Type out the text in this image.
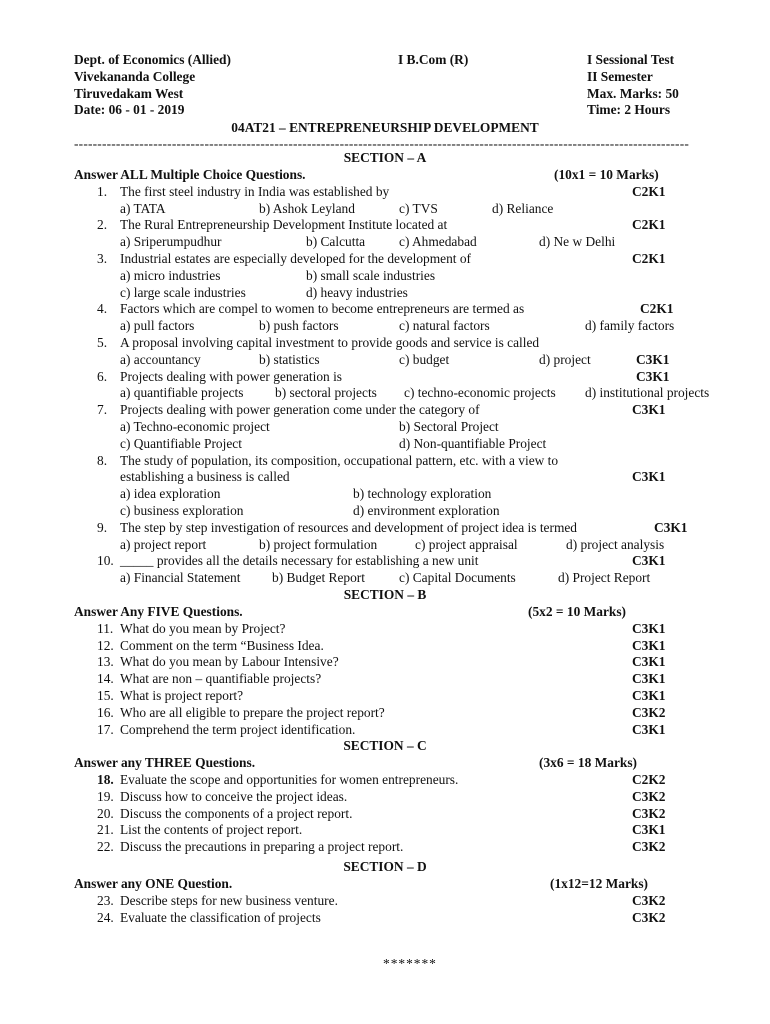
Dept. of Economics (Allied)
Vivekananda College
Tiruvedakam West
Date: 06 - 01 - 2019
I B.Com (R)	I Sessional Test
II Semester
Max. Marks: 50
Time: 2 Hours
04AT21 – ENTREPRENEURSHIP DEVELOPMENT
------------------------------------------------------------------------------------------------------------------------------------
SECTION – A
Answer ALL Multiple Choice Questions.	(10x1 = 10 Marks)
1. The first steel industry in India was established by	C2K1
a) TATA	b) Ashok Leyland	c) TVS	d) Reliance
2. The Rural Entrepreneurship Development Institute located at	C2K1
a) Sriperumpudhur	b) Calcutta	c) Ahmedabad	d) Ne w Delhi
3. Industrial estates are especially developed for the development of	C2K1
a) micro industries	b) small scale industries
c) large scale industries	d) heavy industries
4. Factors which are compel to women to become entrepreneurs are termed as	C2K1
a) pull factors	b) push factors	c) natural factors	d) family factors
5. A proposal involving capital investment to provide goods and service is called
a) accountancy	b) statistics	c) budget	d) project	C3K1
6. Projects dealing with power generation is	C3K1
a) quantifiable projects b) sectoral projects c) techno-economic projects d) institutional projects
7. Projects dealing with power generation come under the category of	C3K1
a) Techno-economic project	b) Sectoral Project
c) Quantifiable Project	d) Non-quantifiable Project
8. The study of population, its composition, occupational pattern, etc. with a view to
establishing a business is called	C3K1
a) idea exploration	b) technology exploration
c) business exploration	d) environment exploration
9. The step by step investigation of resources and development of project idea is termed	C3K1
a) project report	b) project formulation	c) project appraisal	d) project analysis
10. _____ provides all the details necessary for establishing a new unit	C3K1
a) Financial Statement b) Budget Report	c) Capital Documents	d) Project Report
SECTION – B
Answer Any FIVE Questions.	(5x2 = 10 Marks)
11. What do you mean by Project?	C3K1
12. Comment on the term “Business Idea.	C3K1
13. What do you mean by Labour Intensive?	C3K1
14. What are non – quantifiable projects?	C3K1
15. What is project report?	C3K1
16. Who are all eligible to prepare the project report?	C3K2
17. Comprehend the term project identification.	C3K1
SECTION – C
Answer any THREE Questions.	(3x6 = 18 Marks)
18. Evaluate the scope and opportunities for women entrepreneurs.	C2K2
19. Discuss how to conceive the project ideas.	C3K2
20. Discuss the components of a project report.	C3K2
21. List the contents of project report.	C3K1
22. Discuss the precautions in preparing a project report.	C3K2
SECTION – D
Answer any ONE Question.	(1x12=12 Marks)
23. Describe steps for new business venture.	C3K2
24. Evaluate the classification of projects	C3K2
*******
